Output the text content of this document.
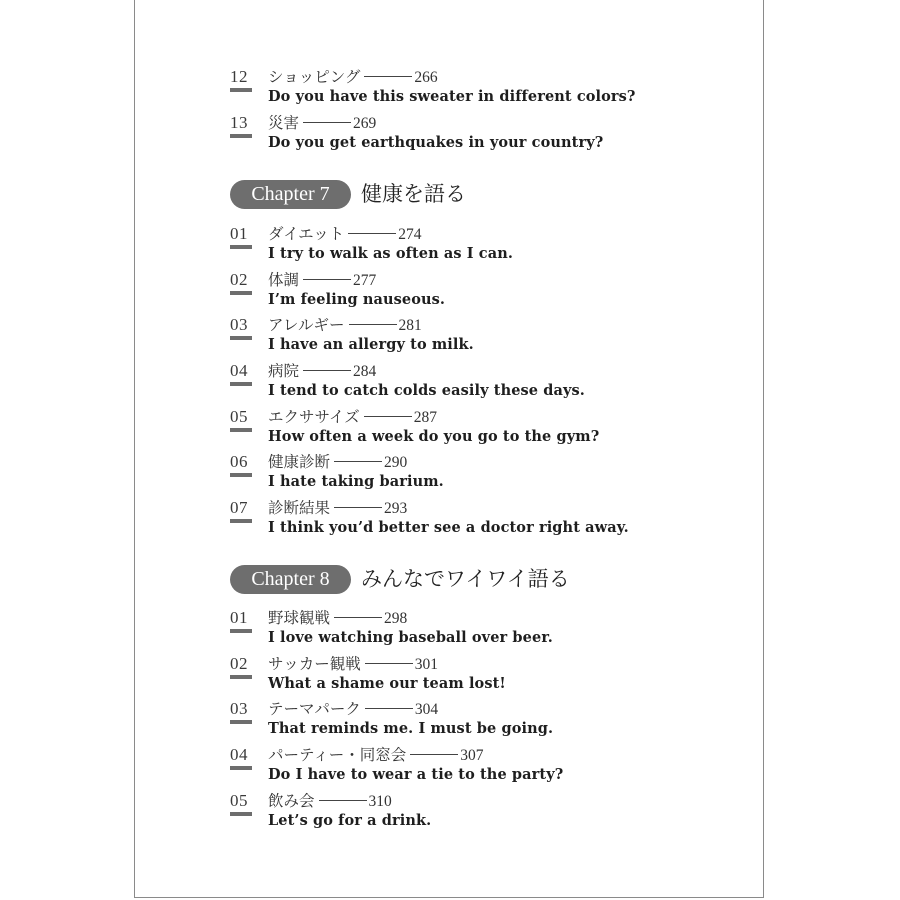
12 ショッピング	266
Do you have this sweater in different colors?
13 災害	269
Do you get earthquakes in your country?
Chapter 7	健康を語る
01 ダイエット	274
I try to walk as often as I can.
02 体調	277
I’m feeling nauseous.
03 アレルギー	281
I have an allergy to milk.
04 病院	284
I tend to catch colds easily these days.
05 エクササイズ	287
How often a week do you go to the gym?
06 健康診断	290
I hate taking barium.
07 診断結果	293
I think you’d better see a doctor right away.
Chapter 8	みんなでワイワイ語る
01 野球観戦	298
I love watching baseball over beer.
02 サッカー観戦	301
What a shame our team lost!
03 テーマパーク	304
That reminds me. I must be going.
04 パーティー・同窓会	307
Do I have to wear a tie to the party?
05 飲み会	310
Let’s go for a drink.
